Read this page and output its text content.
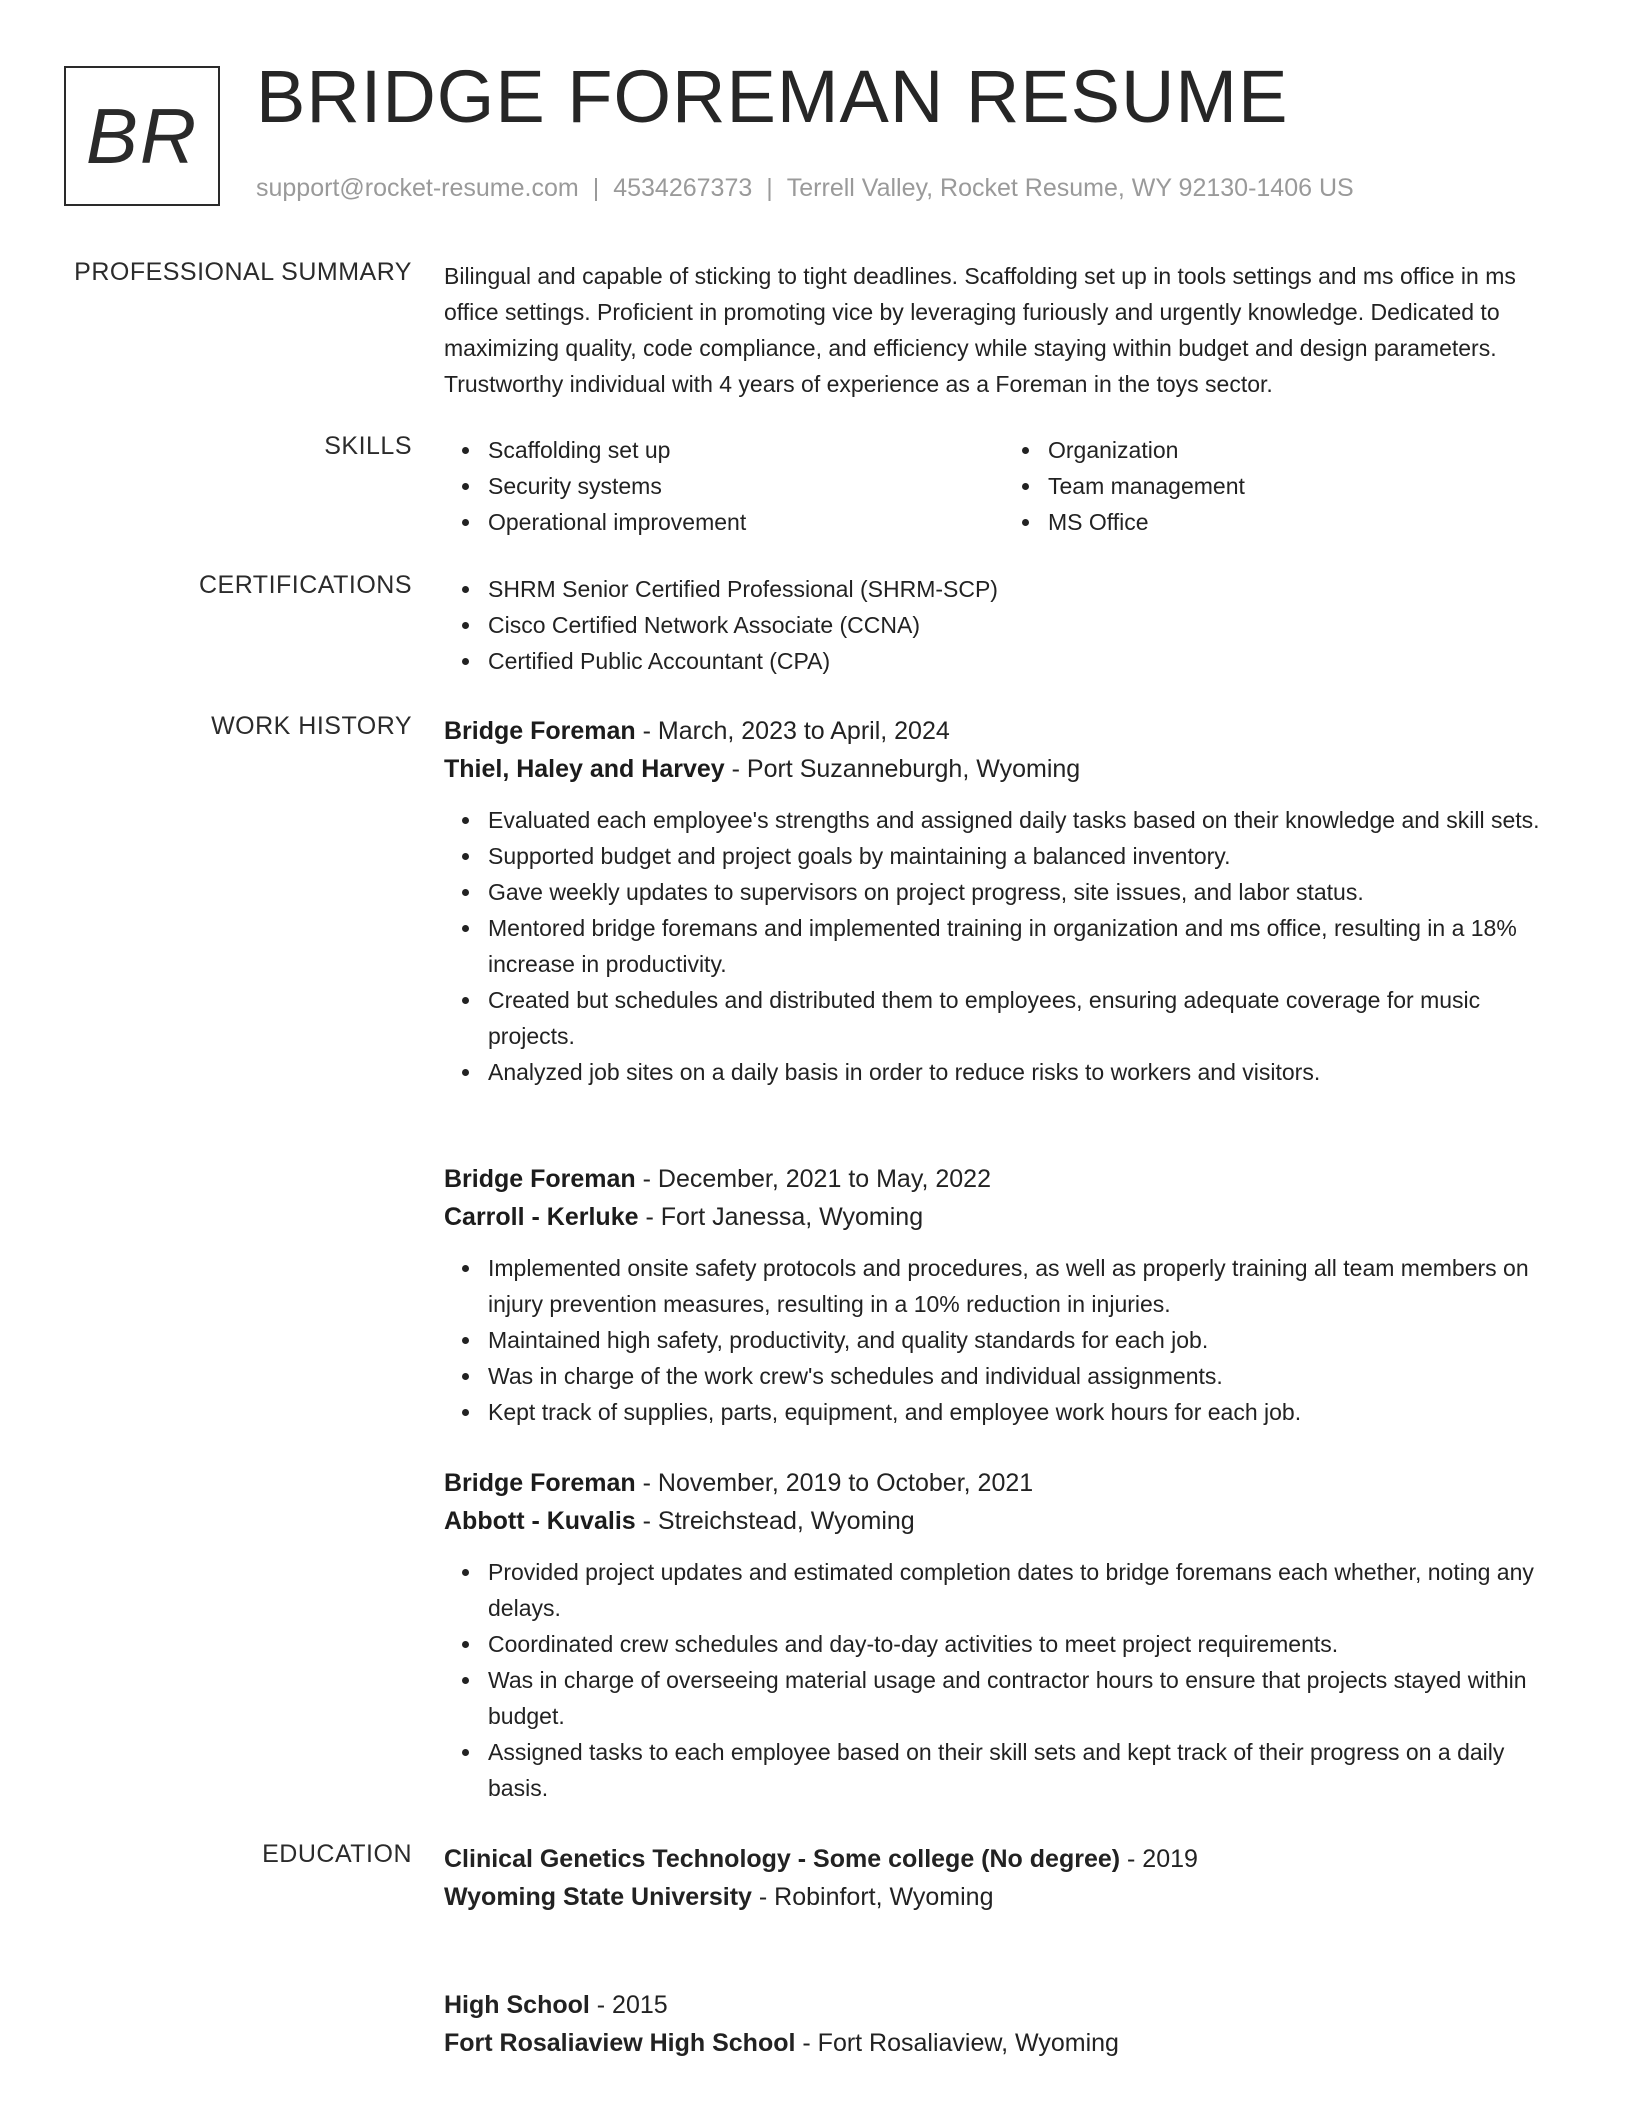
BR BRIDGE FOREMAN RESUME
support@rocket-resume.com | 4534267373 | Terrell Valley, Rocket Resume, WY 92130-1406 US
PROFESSIONAL SUMMARY Bilingual and capable of sticking to tight deadlines. Scaffolding set up in tools settings and ms office in ms office settings. Proficient in promoting vice by leveraging furiously and urgently knowledge. Dedicated to maximizing quality, code compliance, and efficiency while staying within budget and design parameters. Trustworthy individual with 4 years of experience as a Foreman in the toys sector.

SKILLS	Scaffolding set up
Security systems
Operational improvement
Organization
Team management
MS Office
CERTIFICATIONS	SHRM Senior Certified Professional (SHRM-SCP)
Cisco Certified Network Associate (CCNA)
Certified Public Accountant (CPA)
WORK HISTORY Bridge Foreman - March, 2023 to April, 2024
Thiel, Haley and Harvey - Port Suzanneburgh, Wyoming
Evaluated each employee's strengths and assigned daily tasks based on their knowledge and skill sets.
Supported budget and project goals by maintaining a balanced inventory.
Gave weekly updates to supervisors on project progress, site issues, and labor status.
Mentored bridge foremans and implemented training in organization and ms office, resulting in a 18% increase in productivity.
Created but schedules and distributed them to employees, ensuring adequate coverage for music projects.
Analyzed job sites on a daily basis in order to reduce risks to workers and visitors.
Bridge Foreman - December, 2021 to May, 2022
Carroll - Kerluke - Fort Janessa, Wyoming
Implemented onsite safety protocols and procedures, as well as properly training all team members on injury prevention measures, resulting in a 10% reduction in injuries.
Maintained high safety, productivity, and quality standards for each job.
Was in charge of the work crew's schedules and individual assignments.
Kept track of supplies, parts, equipment, and employee work hours for each job.
Bridge Foreman - November, 2019 to October, 2021
Abbott - Kuvalis - Streichstead, Wyoming
Provided project updates and estimated completion dates to bridge foremans each whether, noting any delays.
Coordinated crew schedules and day-to-day activities to meet project requirements.
Was in charge of overseeing material usage and contractor hours to ensure that projects stayed within budget.
Assigned tasks to each employee based on their skill sets and kept track of their progress on a daily basis.
EDUCATION Clinical Genetics Technology - Some college (No degree) - 2019
Wyoming State University - Robinfort, Wyoming
High School - 2015
Fort Rosaliaview High School - Fort Rosaliaview, Wyoming
